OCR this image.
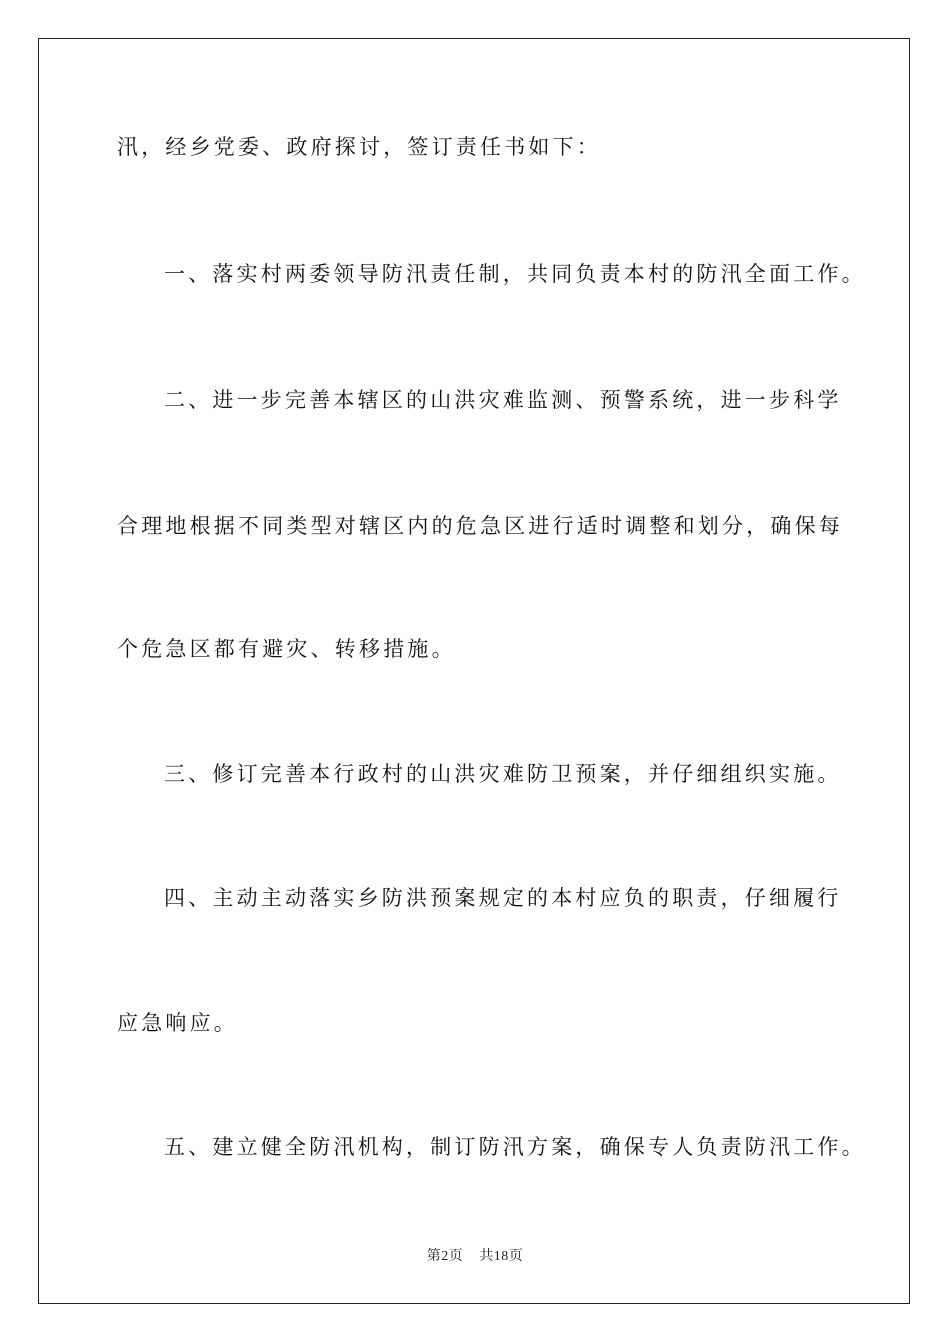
汛，经乡党委、政府探讨，签订责任书如下：
一、落实村两委领导防汛责任制，共同负责本村的防汛全面工作。
二、进一步完善本辖区的山洪灾难监测、预警系统，进一步科学
合理地根据不同类型对辖区内的危急区进行适时调整和划分，确保每
个危急区都有避灾、转移措施。
三、修订完善本行政村的山洪灾难防卫预案，并仔细组织实施。
四、主动主动落实乡防洪预案规定的本村应负的职责，仔细履行
应急响应。
五、建立健全防汛机构，制订防汛方案，确保专人负责防汛工作。
第2页 共18页
